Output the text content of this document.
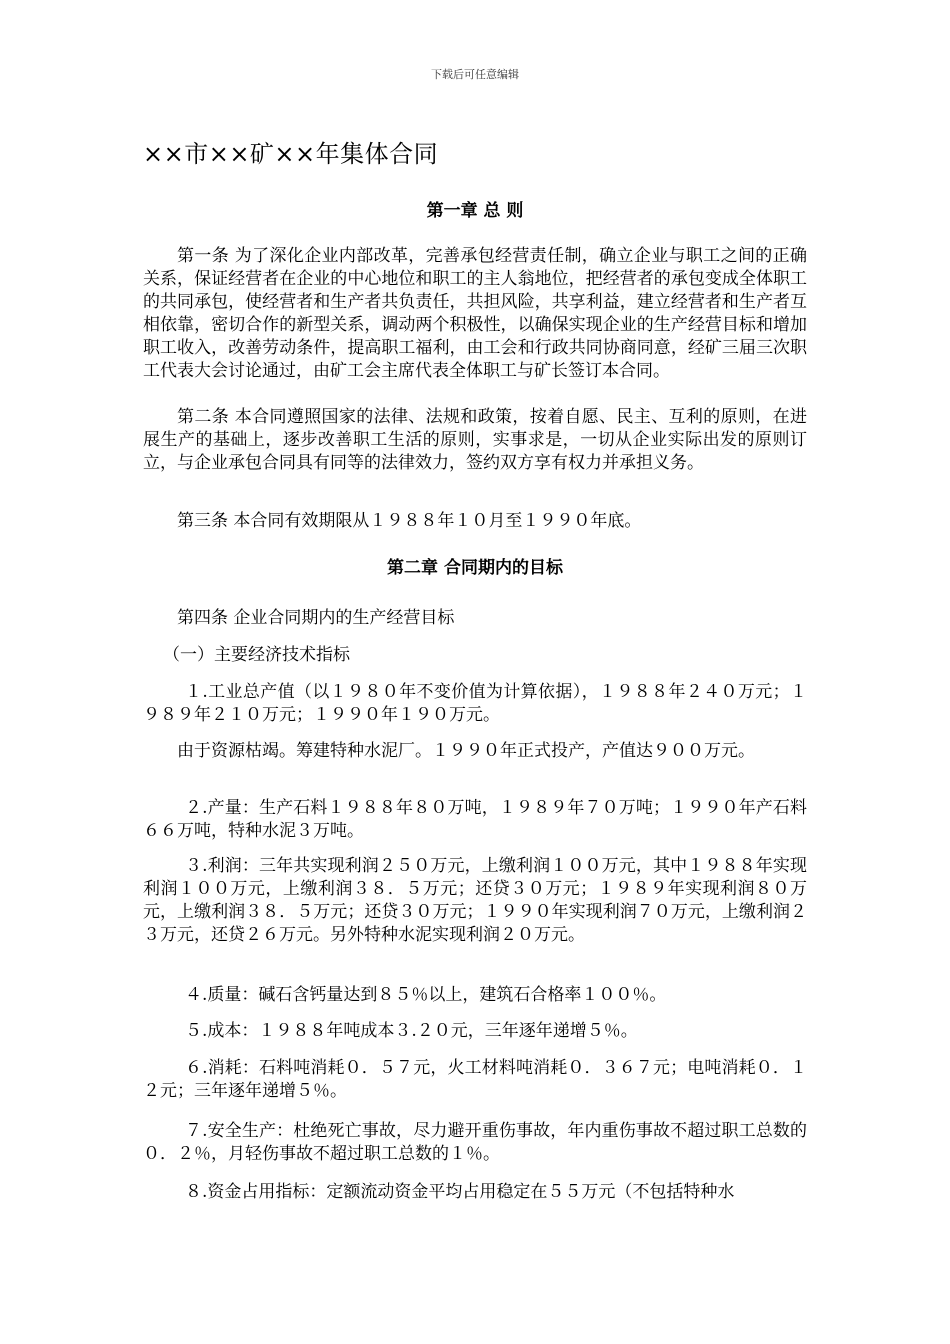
下载后可任意编辑
××市××矿××年集体合同
第一章 总 则

第一条 为了深化企业内部改革，完善承包经营责任制，确立企业与职工之间的正确关系，保证经营者在企业的中心地位和职工的主人翁地位，把经营者的承包变成全体职工的共同承包，使经营者和生产者共负责任，共担风险，共享利益，建立经营者和生产者互相依靠，密切合作的新型关系，调动两个积极性，以确保实现企业的生产经营目标和增加职工收入，改善劳动条件，提高职工福利，由工会和行政共同协商同意，经矿三届三次职工代表大会讨论通过，由矿工会主席代表全体职工与矿长签订本合同。

第二条 本合同遵照国家的法律、法规和政策，按着自愿、民主、互利的原则，在进展生产的基础上，逐步改善职工生活的原则，实事求是，一切从企业实际出发的原则订立，与企业承包合同具有同等的法律效力，签约双方享有权力并承担义务。

第三条 本合同有效期限从１９８８年１０月至１９９０年底。

第二章 合同期内的目标

第四条 企业合同期内的生产经营目标

（一）主要经济技术指标

１.工业总产值（以１９８０年不变价值为计算依据），１９８８年２４０万元；１９８９年２１０万元；１９９０年１９０万元。

由于资源枯竭。筹建特种水泥厂。１９９０年正式投产，产值达９００万元。

２.产量：生产石料１９８８年８０万吨，１９８９年７０万吨；１９９０年产石料６６万吨，特种水泥３万吨。

３.利润：三年共实现利润２５０万元，上缴利润１００万元，其中１９８８年实现利润１００万元，上缴利润３８．５万元；还贷３０万元；１９８９年实现利润８０万元，上缴利润３８．５万元；还贷３０万元；１９９０年实现利润７０万元，上缴利润２３万元，还贷２６万元。另外特种水泥实现利润２０万元。

４.质量：碱石含钙量达到８５％以上，建筑石合格率１００％。

５.成本：１９８８年吨成本３.２０元，三年逐年递增５％。

６.消耗：石料吨消耗０．５７元，火工材料吨消耗０．３６７元；电吨消耗０．１２元；三年逐年递增５％。

７.安全生产：杜绝死亡事故，尽力避开重伤事故，年内重伤事故不超过职工总数的０．２％，月轻伤事故不超过职工总数的１％。

８.资金占用指标：定额流动资金平均占用稳定在５５万元（不包括特种水
